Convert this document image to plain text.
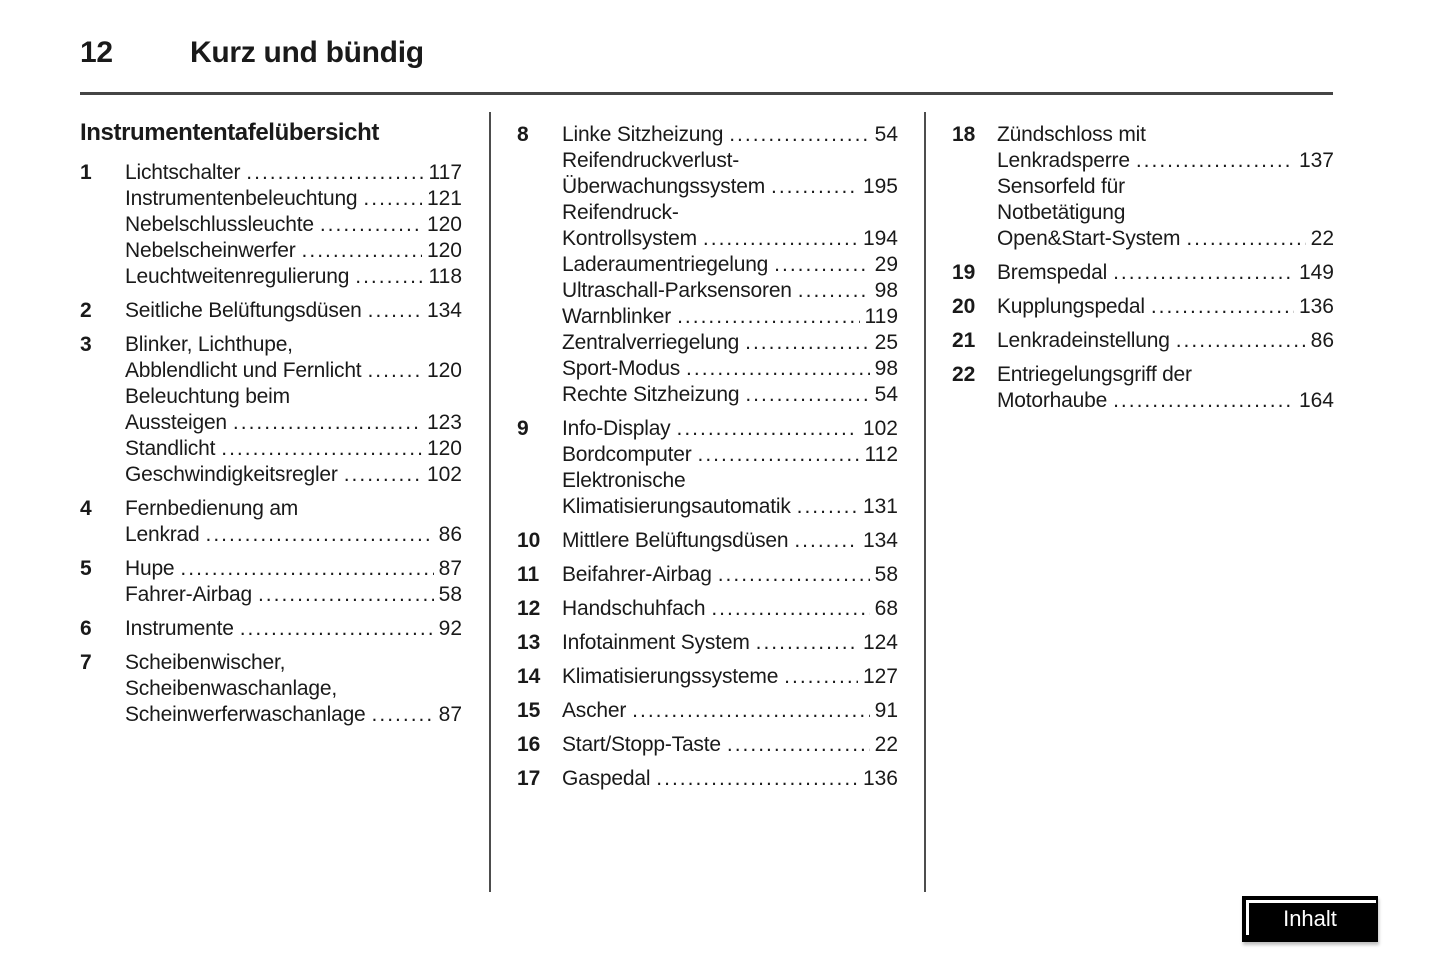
12	Kurz und bündig
Instrumententafelübersicht
1	Lichtschalter .....	117
Instrumentenbeleuchtung .....	121
Nebelschlussleuchte .....	120
Nebelscheinwerfer .....	120
Leuchtweitenregulierung .....	118
2	Seitliche Belüftungsdüsen .....	134
3	Blinker, Lichthupe,
Abblendlicht und Fernlicht .....	120
Beleuchtung beim
Aussteigen .....	123
Standlicht .....	120
Geschwindigkeitsregler .....	102
4	Fernbedienung am
Lenkrad .....	86
5	Hupe .....	87
Fahrer-Airbag .....	58
6	Instrumente .....	92
7	Scheibenwischer,
Scheibenwaschanlage,
Scheinwerferwaschanlage .....	87
8	Linke Sitzheizung .....	54
Reifendruckverlust-
Überwachungssystem .....	195
Reifendruck-
Kontrollsystem .....	194
Laderaumentriegelung .....	29
Ultraschall-Parksensoren .....	98
Warnblinker .....	119
Zentralverriegelung .....	25
Sport-Modus .....	98
Rechte Sitzheizung .....	54
9	Info-Display .....	102
Bordcomputer .....	112
Elektronische
Klimatisierungsautomatik .....	131
10	Mittlere Belüftungsdüsen .....	134
11	Beifahrer-Airbag .....	58
12	Handschuhfach .....	68
13	Infotainment System .....	124
14	Klimatisierungssysteme .....	127
15	Ascher .....	91
16	Start/Stopp-Taste .....	22
17	Gaspedal .....	136
18	Zündschloss mit
Lenkradsperre .....	137
Sensorfeld für
Notbetätigung
Open&Start-System .....	22
19	Bremspedal .....	149
20	Kupplungspedal .....	136
21	Lenkradeinstellung .....	86
22	Entriegelungsgriff der
Motorhaube .....	164
Inhalt
